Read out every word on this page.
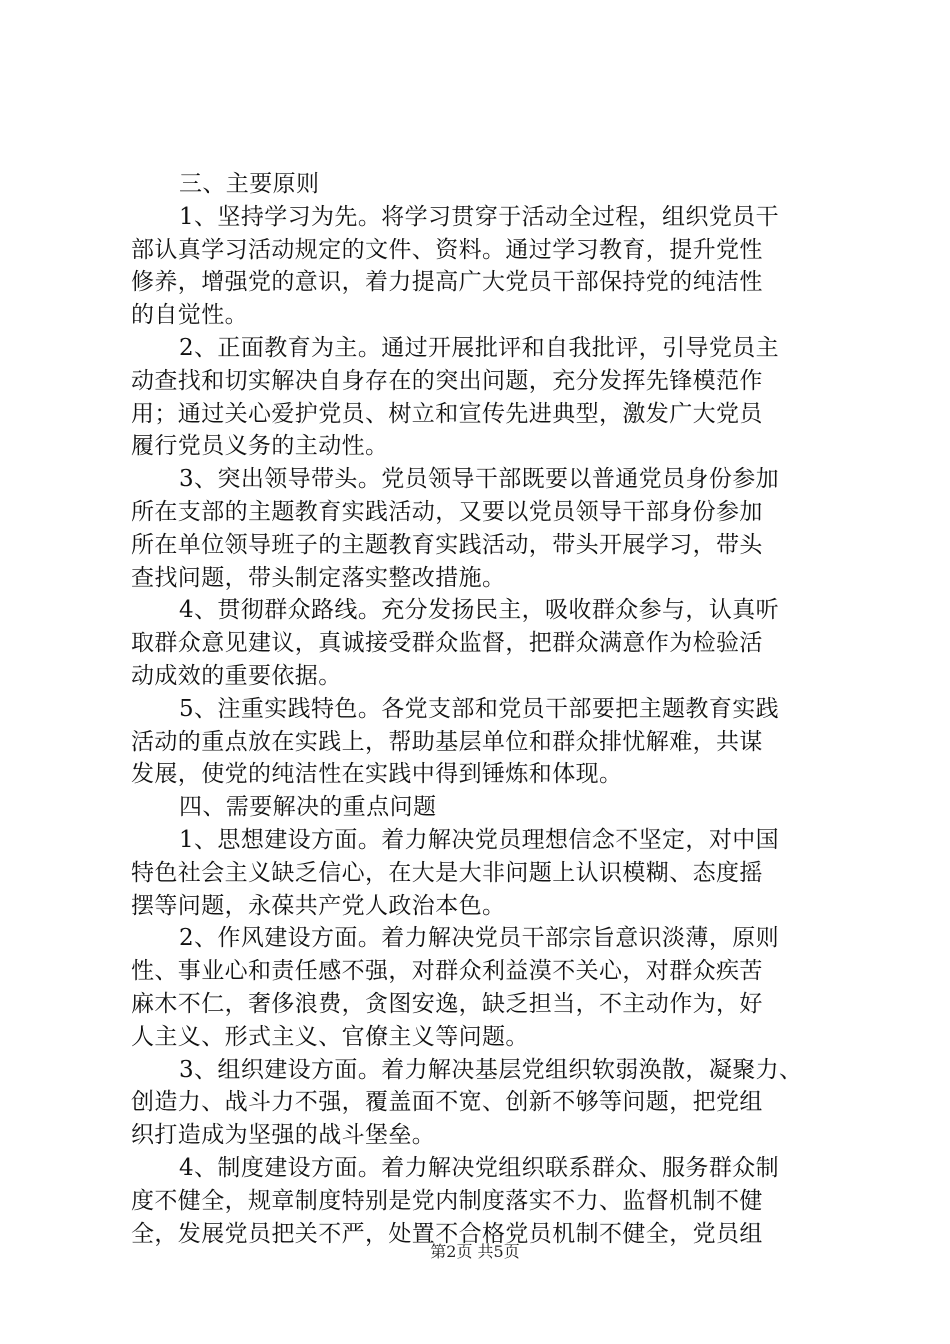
三、主要原则
1、坚持学习为先。将学习贯穿于活动全过程，组织党员干
部认真学习活动规定的文件、资料。通过学习教育，提升党性
修养，增强党的意识，着力提高广大党员干部保持党的纯洁性
的自觉性。
2、正面教育为主。通过开展批评和自我批评，引导党员主
动查找和切实解决自身存在的突出问题，充分发挥先锋模范作
用；通过关心爱护党员、树立和宣传先进典型，激发广大党员
履行党员义务的主动性。
3、突出领导带头。党员领导干部既要以普通党员身份参加
所在支部的主题教育实践活动，又要以党员领导干部身份参加
所在单位领导班子的主题教育实践活动，带头开展学习，带头
查找问题，带头制定落实整改措施。
4、贯彻群众路线。充分发扬民主，吸收群众参与，认真听
取群众意见建议，真诚接受群众监督，把群众满意作为检验活
动成效的重要依据。
5、注重实践特色。各党支部和党员干部要把主题教育实践
活动的重点放在实践上，帮助基层单位和群众排忧解难，共谋
发展，使党的纯洁性在实践中得到锤炼和体现。
四、需要解决的重点问题
1、思想建设方面。着力解决党员理想信念不坚定，对中国
特色社会主义缺乏信心，在大是大非问题上认识模糊、态度摇
摆等问题，永葆共产党人政治本色。
2、作风建设方面。着力解决党员干部宗旨意识淡薄，原则
性、事业心和责任感不强，对群众利益漠不关心，对群众疾苦
麻木不仁，奢侈浪费，贪图安逸，缺乏担当，不主动作为，好
人主义、形式主义、官僚主义等问题。
3、组织建设方面。着力解决基层党组织软弱涣散，凝聚力、
创造力、战斗力不强，覆盖面不宽、创新不够等问题，把党组
织打造成为坚强的战斗堡垒。
4、制度建设方面。着力解决党组织联系群众、服务群众制
度不健全，规章制度特别是党内制度落实不力、监督机制不健
全，发展党员把关不严，处置不合格党员机制不健全，党员组
第2页 共5页
